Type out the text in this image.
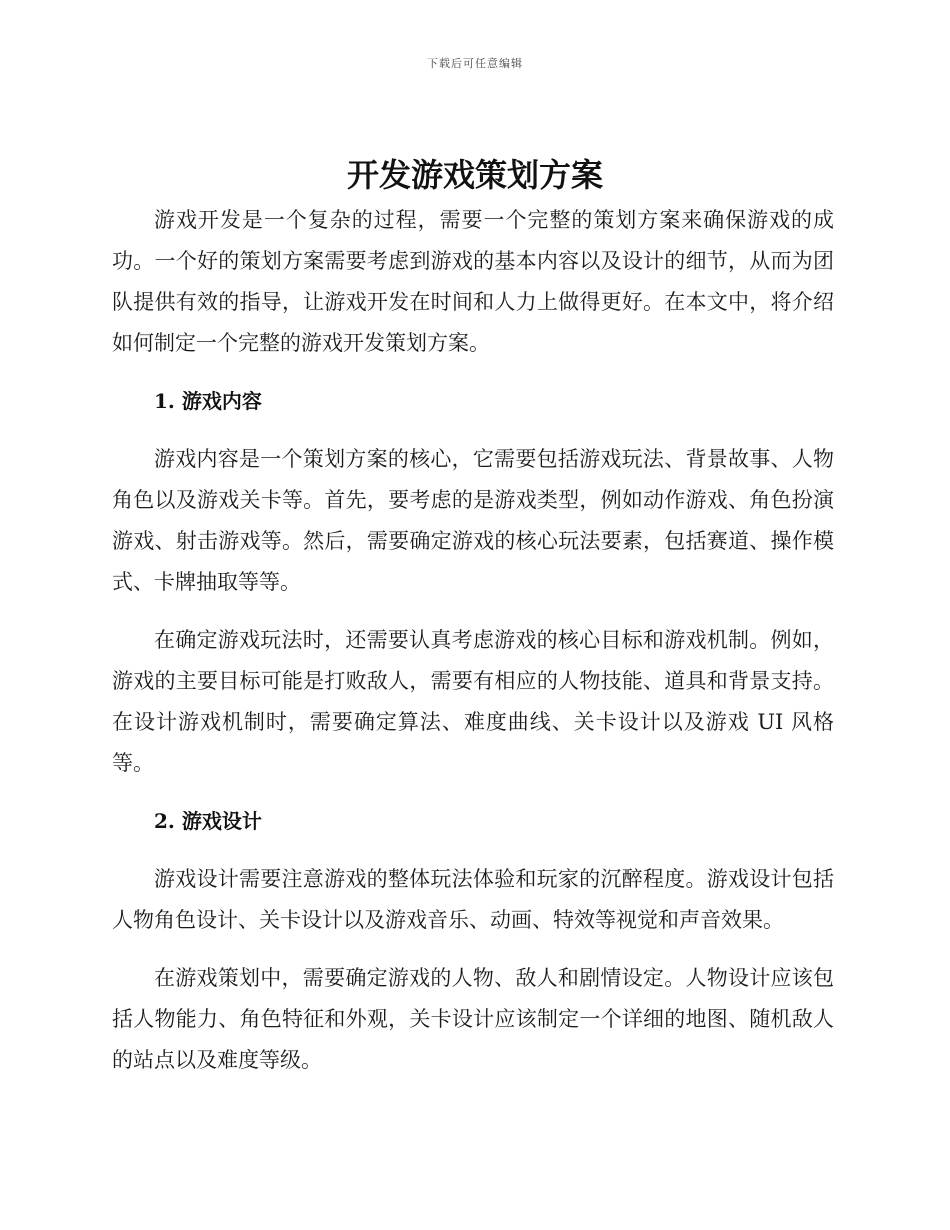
下载后可任意编辑
开发游戏策划方案

游戏开发是一个复杂的过程，需要一个完整的策划方案来确保游戏的成功。一个好的策划方案需要考虑到游戏的基本内容以及设计的细节，从而为团队提供有效的指导，让游戏开发在时间和人力上做得更好。在本文中，将介绍如何制定一个完整的游戏开发策划方案。

1. 游戏内容

游戏内容是一个策划方案的核心，它需要包括游戏玩法、背景故事、人物角色以及游戏关卡等。首先，要考虑的是游戏类型，例如动作游戏、角色扮演游戏、射击游戏等。然后，需要确定游戏的核心玩法要素，包括赛道、操作模式、卡牌抽取等等。

在确定游戏玩法时，还需要认真考虑游戏的核心目标和游戏机制。例如，游戏的主要目标可能是打败敌人，需要有相应的人物技能、道具和背景支持。在设计游戏机制时，需要确定算法、难度曲线、关卡设计以及游戏 UI 风格等。

2. 游戏设计

游戏设计需要注意游戏的整体玩法体验和玩家的沉醉程度。游戏设计包括人物角色设计、关卡设计以及游戏音乐、动画、特效等视觉和声音效果。

在游戏策划中，需要确定游戏的人物、敌人和剧情设定。人物设计应该包括人物能力、角色特征和外观，关卡设计应该制定一个详细的地图、随机敌人的站点以及难度等级。
